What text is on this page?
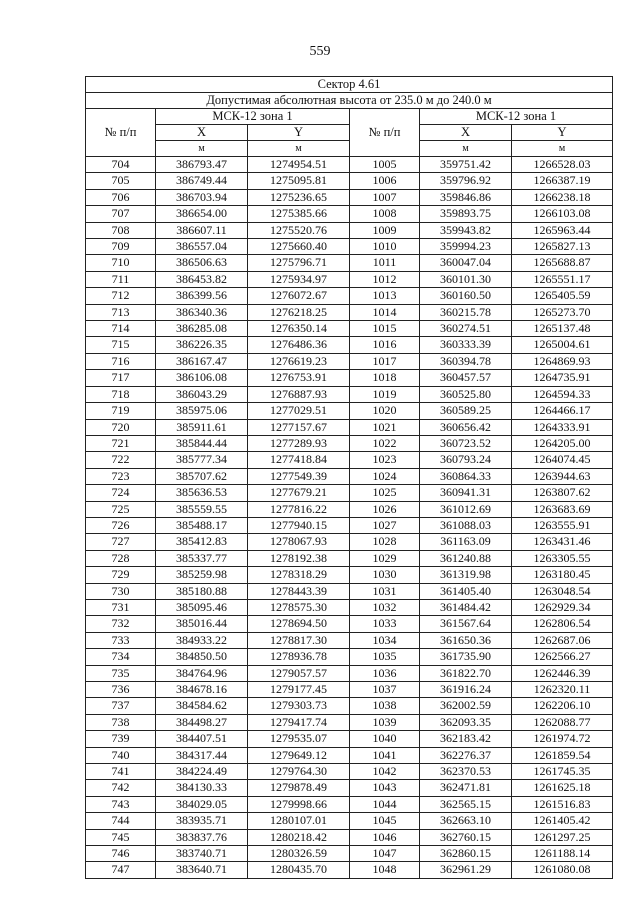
559
Сектор 4.61					
Допустимая абсолютная высота от 235.0 м до 240.0 м					
№ п/п	МСК-12 зона 1		№ п/п	МСК-12 зона 1	
	X	Y		X	Y
	м	м		м	м
704	386793.47	1274954.51	1005	359751.42	1266528.03
705	386749.44	1275095.81	1006	359796.92	1266387.19
706	386703.94	1275236.65	1007	359846.86	1266238.18
707	386654.00	1275385.66	1008	359893.75	1266103.08
708	386607.11	1275520.76	1009	359943.82	1265963.44
709	386557.04	1275660.40	1010	359994.23	1265827.13
710	386506.63	1275796.71	1011	360047.04	1265688.87
711	386453.82	1275934.97	1012	360101.30	1265551.17
712	386399.56	1276072.67	1013	360160.50	1265405.59
713	386340.36	1276218.25	1014	360215.78	1265273.70
714	386285.08	1276350.14	1015	360274.51	1265137.48
715	386226.35	1276486.36	1016	360333.39	1265004.61
716	386167.47	1276619.23	1017	360394.78	1264869.93
717	386106.08	1276753.91	1018	360457.57	1264735.91
718	386043.29	1276887.93	1019	360525.80	1264594.33
719	385975.06	1277029.51	1020	360589.25	1264466.17
720	385911.61	1277157.67	1021	360656.42	1264333.91
721	385844.44	1277289.93	1022	360723.52	1264205.00
722	385777.34	1277418.84	1023	360793.24	1264074.45
723	385707.62	1277549.39	1024	360864.33	1263944.63
724	385636.53	1277679.21	1025	360941.31	1263807.62
725	385559.55	1277816.22	1026	361012.69	1263683.69
726	385488.17	1277940.15	1027	361088.03	1263555.91
727	385412.83	1278067.93	1028	361163.09	1263431.46
728	385337.77	1278192.38	1029	361240.88	1263305.55
729	385259.98	1278318.29	1030	361319.98	1263180.45
730	385180.88	1278443.39	1031	361405.40	1263048.54
731	385095.46	1278575.30	1032	361484.42	1262929.34
732	385016.44	1278694.50	1033	361567.64	1262806.54
733	384933.22	1278817.30	1034	361650.36	1262687.06
734	384850.50	1278936.78	1035	361735.90	1262566.27
735	384764.96	1279057.57	1036	361822.70	1262446.39
736	384678.16	1279177.45	1037	361916.24	1262320.11
737	384584.62	1279303.73	1038	362002.59	1262206.10
738	384498.27	1279417.74	1039	362093.35	1262088.77
739	384407.51	1279535.07	1040	362183.42	1261974.72
740	384317.44	1279649.12	1041	362276.37	1261859.54
741	384224.49	1279764.30	1042	362370.53	1261745.35
742	384130.33	1279878.49	1043	362471.81	1261625.18
743	384029.05	1279998.66	1044	362565.15	1261516.83
744	383935.71	1280107.01	1045	362663.10	1261405.42
745	383837.76	1280218.42	1046	362760.15	1261297.25
746	383740.71	1280326.59	1047	362860.15	1261188.14
747	383640.71	1280435.70	1048	362961.29	1261080.08
